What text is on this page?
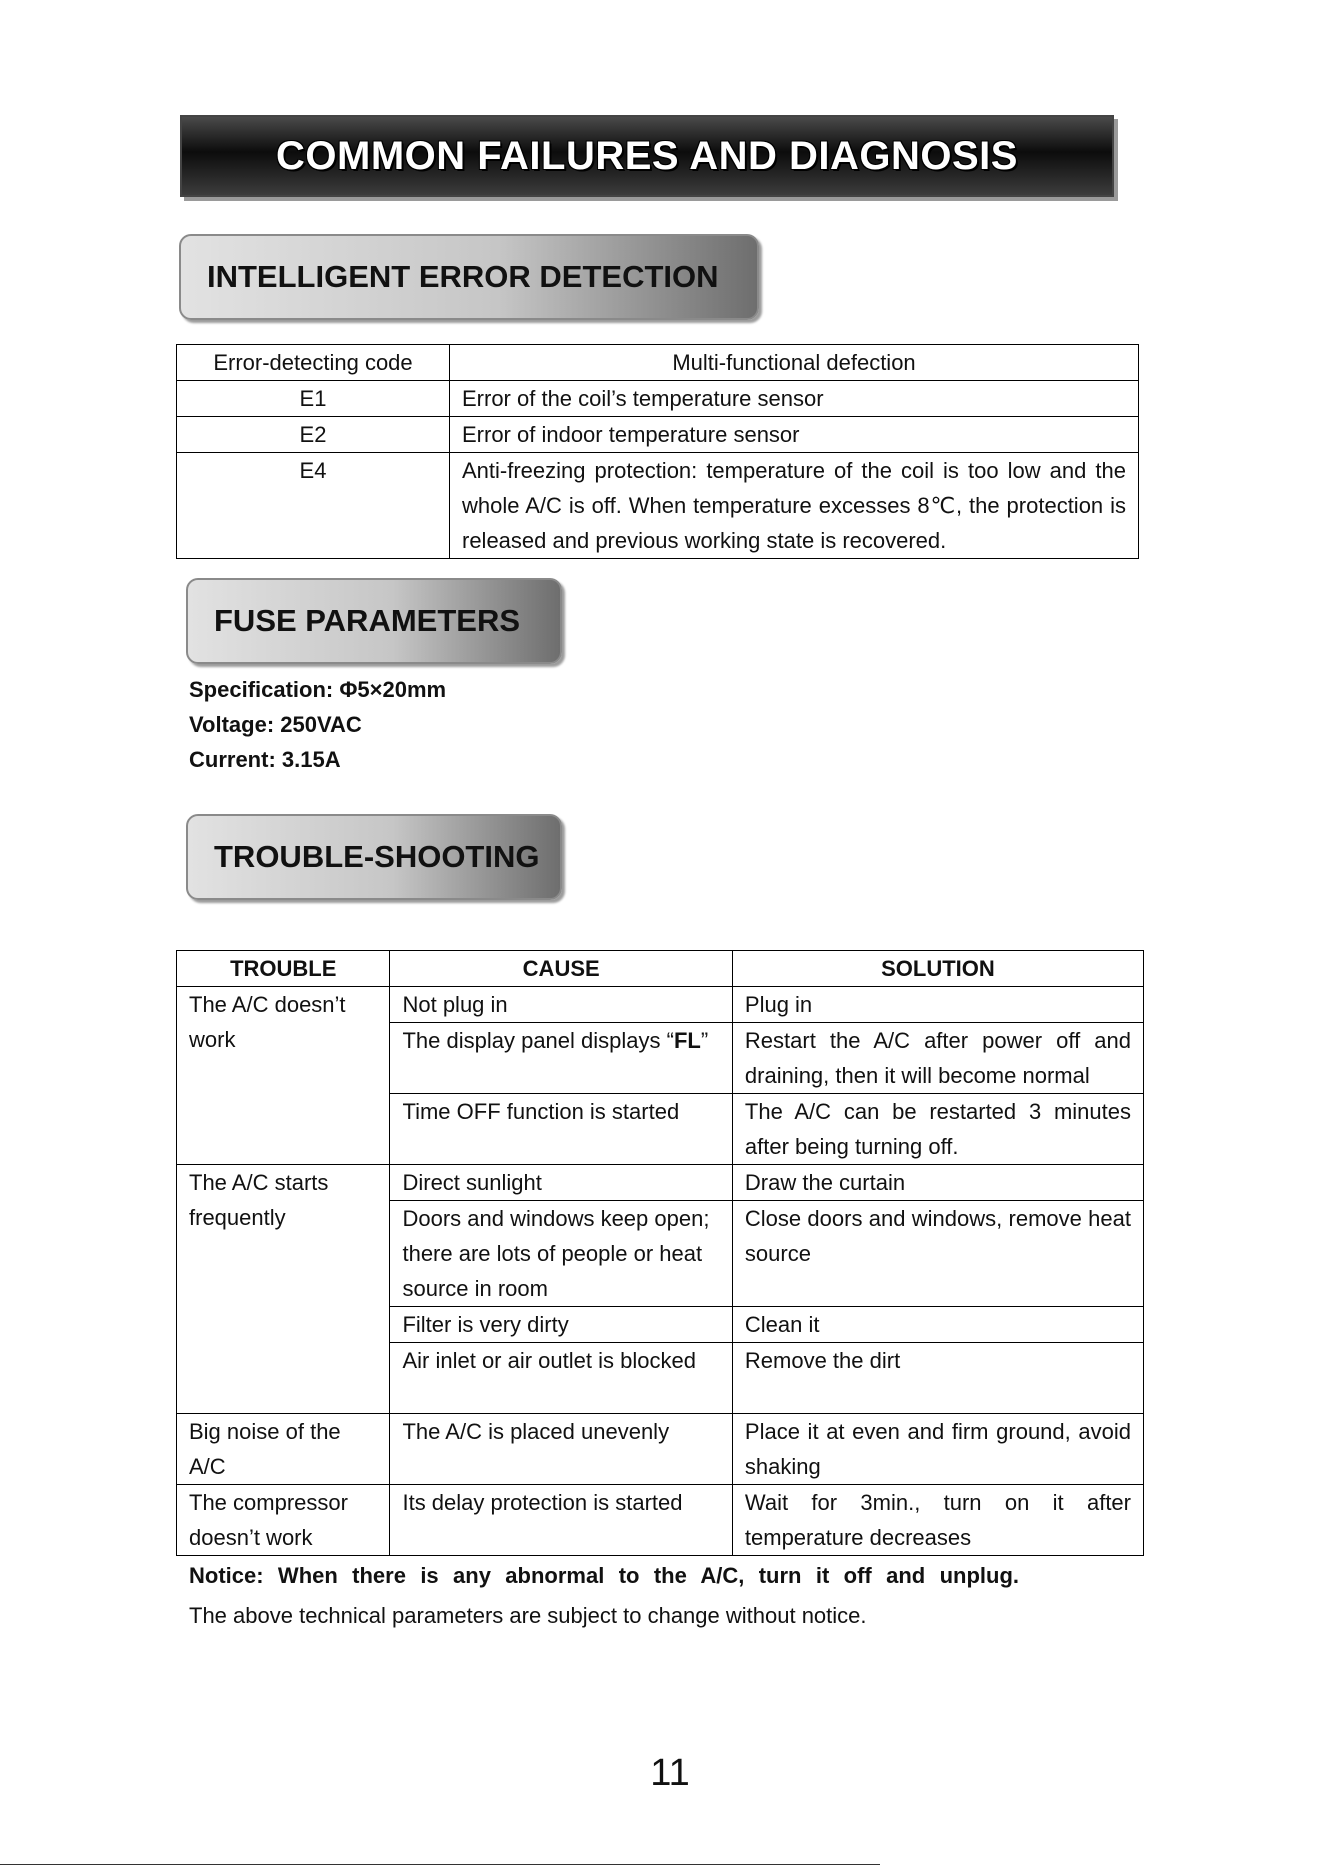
COMMON FAILURES AND DIAGNOSIS
INTELLIGENT ERROR DETECTION
Error-detecting code	Multi-functional defection
E1	Error of the coil’s temperature sensor
E2	Error of indoor temperature sensor
E4	Anti-freezing protection: temperature of the coil is too low and the whole A/C is off. When temperature excesses 8℃, the protection is released and previous working state is recovered.
FUSE PARAMETERS
Specification: Φ5×20mm
Voltage: 250VAC
Current: 3.15A
TROUBLE-SHOOTING
TROUBLE	CAUSE	SOLUTION
The A/C doesn’t work	Not plug in	Plug in
	The display panel displays “FL”	Restart the A/C after power off and draining, then it will become normal
	Time OFF function is started	The A/C can be restarted 3 minutes after being turning off.
The A/C starts frequently	Direct sunlight	Draw the curtain
	Doors and windows keep open; there are lots of people or heat source in room	Close doors and windows, remove heat source
	Filter is very dirty	Clean it
	Air inlet or air outlet is blocked	Remove the dirt
Big noise of the A/C	The A/C is placed unevenly	Place it at even and firm ground, avoid shaking
The compressor doesn’t work	Its delay protection is started	Wait for 3min., turn on it after temperature decreases
Notice: When there is any abnormal to the A/C, turn it off and unplug.
The above technical parameters are subject to change without notice.
11
